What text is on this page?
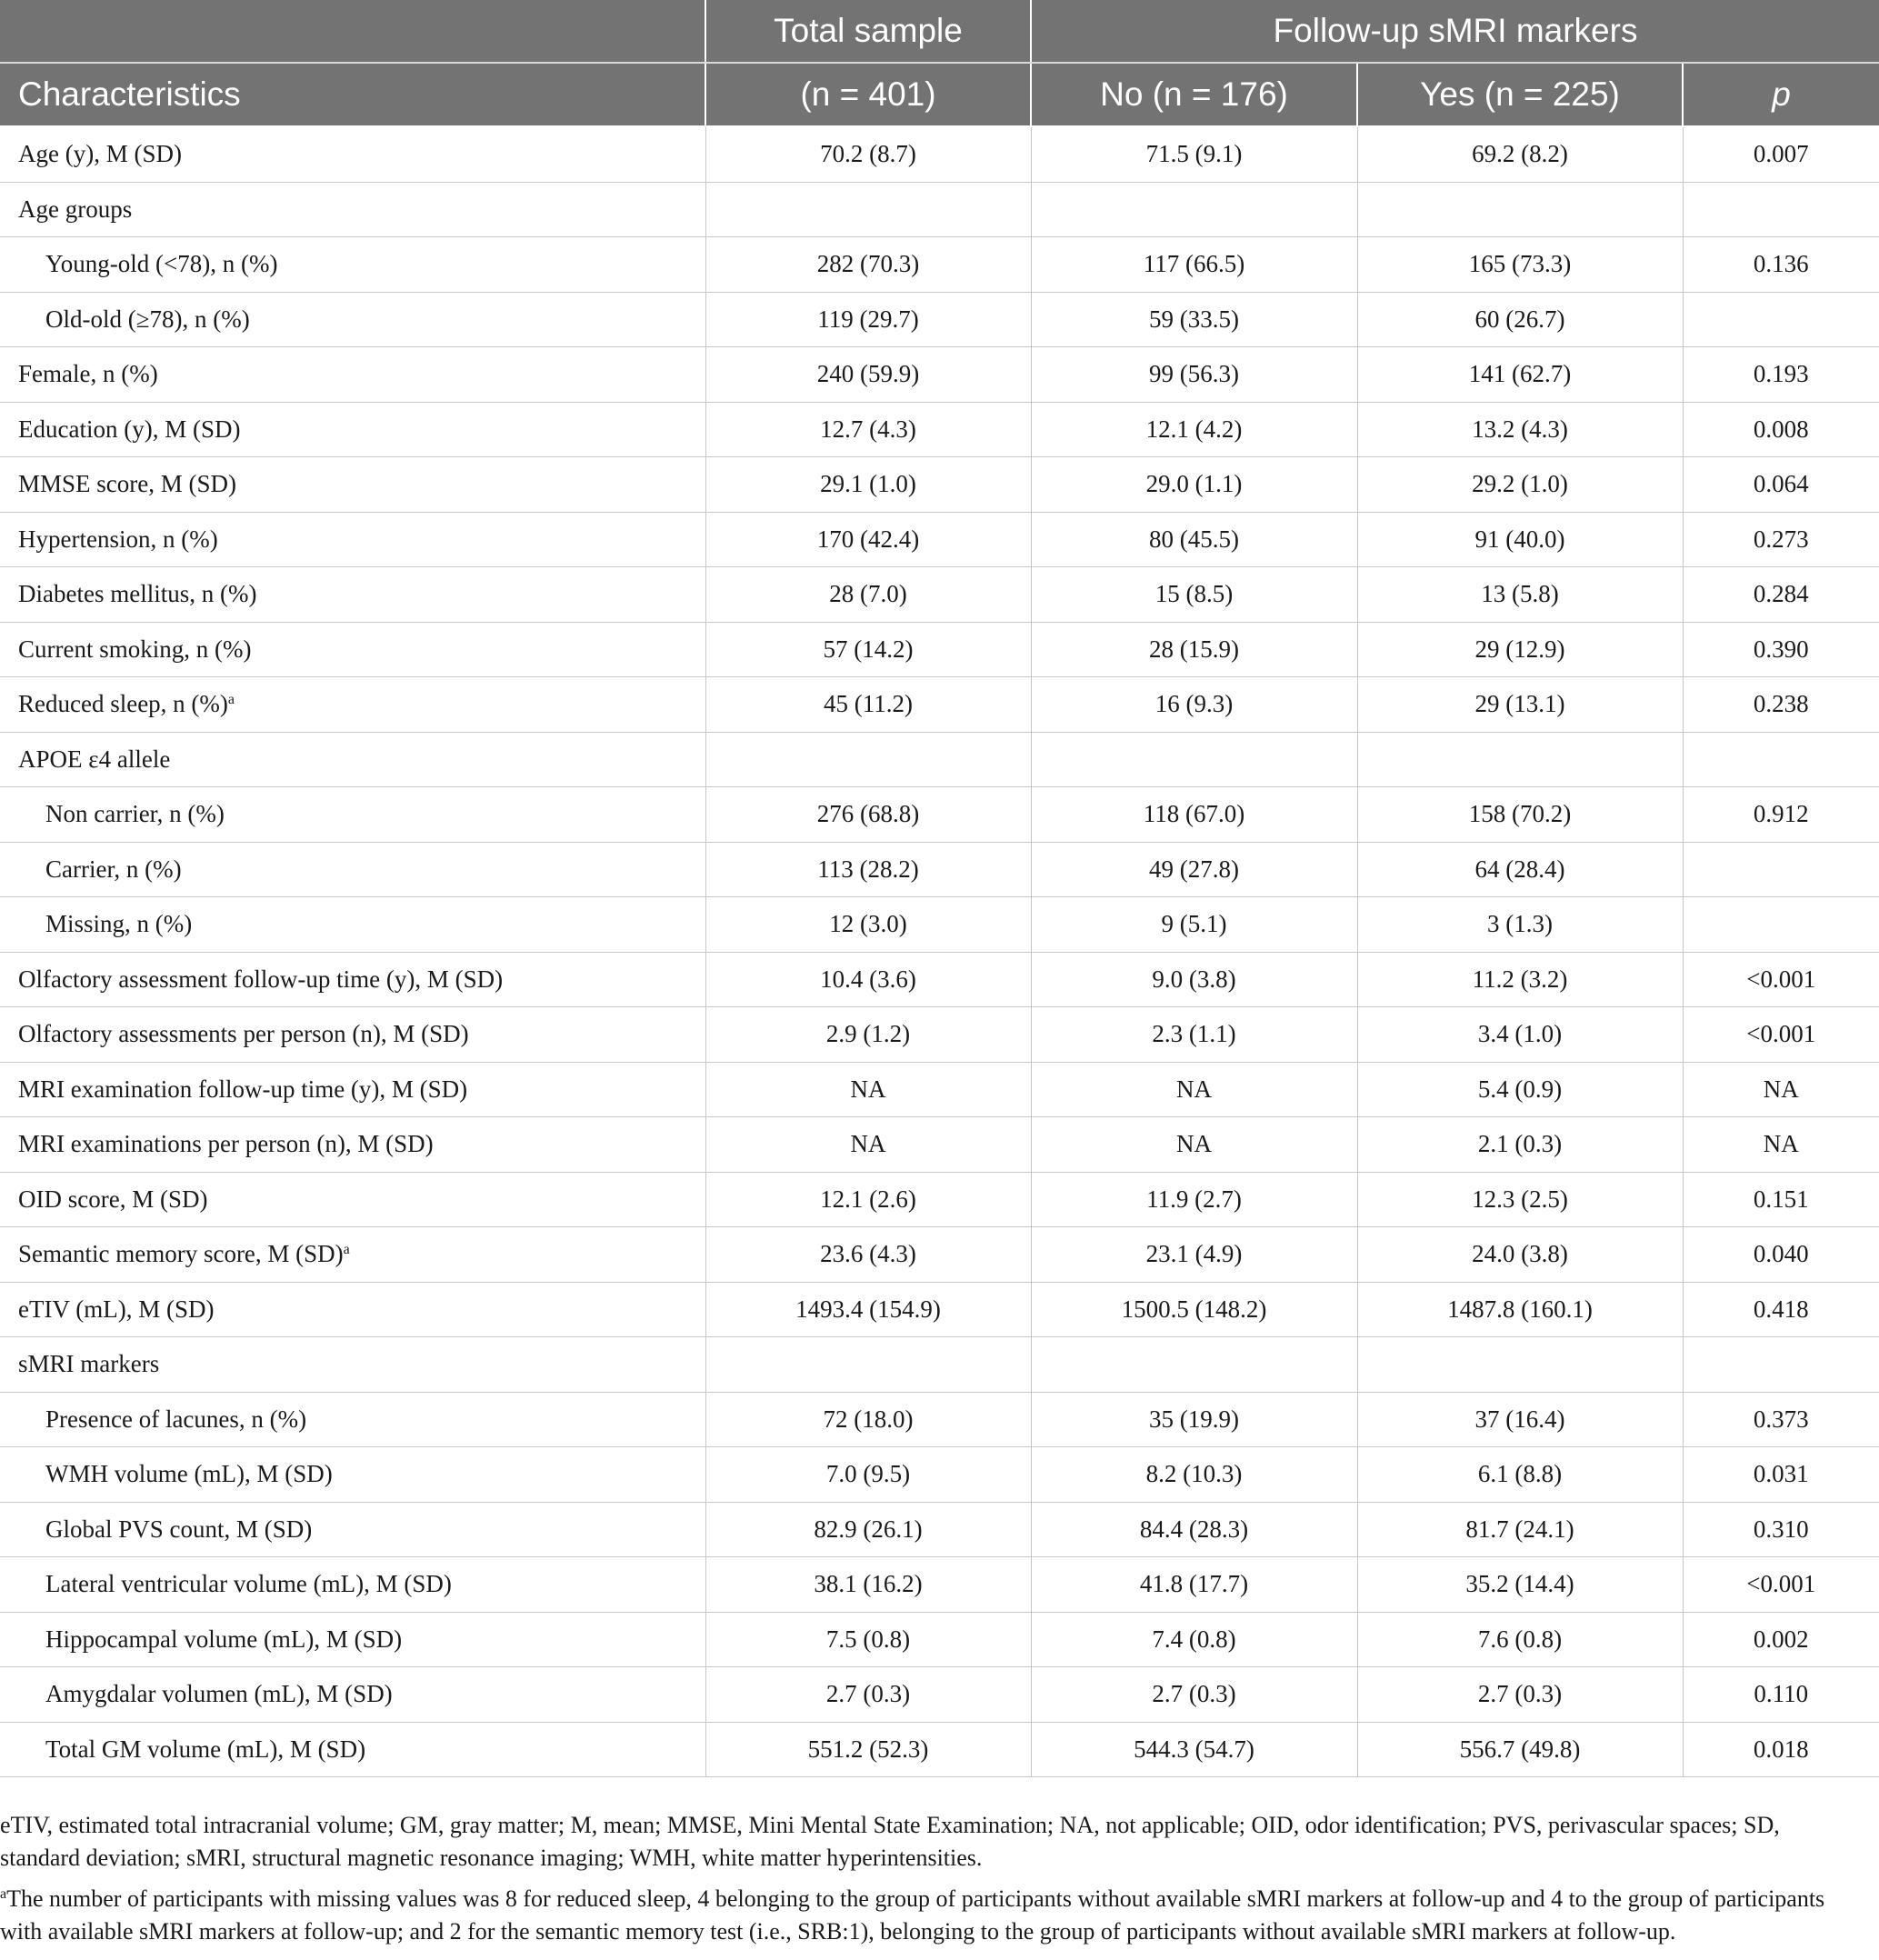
	Total sample	Follow-up sMRI markers		
Characteristics	(n = 401)	No (n = 176)	Yes (n = 225)	p
Age (y), M (SD)	70.2 (8.7)	71.5 (9.1)	69.2 (8.2)	0.007
Age groups				
Young-old (<78), n (%)	282 (70.3)	117 (66.5)	165 (73.3)	0.136
Old-old (≥78), n (%)	119 (29.7)	59 (33.5)	60 (26.7)	
Female, n (%)	240 (59.9)	99 (56.3)	141 (62.7)	0.193
Education (y), M (SD)	12.7 (4.3)	12.1 (4.2)	13.2 (4.3)	0.008
MMSE score, M (SD)	29.1 (1.0)	29.0 (1.1)	29.2 (1.0)	0.064
Hypertension, n (%)	170 (42.4)	80 (45.5)	91 (40.0)	0.273
Diabetes mellitus, n (%)	28 (7.0)	15 (8.5)	13 (5.8)	0.284
Current smoking, n (%)	57 (14.2)	28 (15.9)	29 (12.9)	0.390
Reduced sleep, n (%)$^a$	45 (11.2)	16 (9.3)	29 (13.1)	0.238
APOE ε4 allele				
Non carrier, n (%)	276 (68.8)	118 (67.0)	158 (70.2)	0.912
Carrier, n (%)	113 (28.2)	49 (27.8)	64 (28.4)	
Missing, n (%)	12 (3.0)	9 (5.1)	3 (1.3)	
Olfactory assessment follow-up time (y), M (SD)	10.4 (3.6)	9.0 (3.8)	11.2 (3.2)	<0.001
Olfactory assessments per person (n), M (SD)	2.9 (1.2)	2.3 (1.1)	3.4 (1.0)	<0.001
MRI examination follow-up time (y), M (SD)	NA	NA	5.4 (0.9)	NA
MRI examinations per person (n), M (SD)	NA	NA	2.1 (0.3)	NA
OID score, M (SD)	12.1 (2.6)	11.9 (2.7)	12.3 (2.5)	0.151
Semantic memory score, M (SD)$^a$	23.6 (4.3)	23.1 (4.9)	24.0 (3.8)	0.040
eTIV (mL), M (SD)	1493.4 (154.9)	1500.5 (148.2)	1487.8 (160.1)	0.418
sMRI markers				
Presence of lacunes, n (%)	72 (18.0)	35 (19.9)	37 (16.4)	0.373
WMH volume (mL), M (SD)	7.0 (9.5)	8.2 (10.3)	6.1 (8.8)	0.031
Global PVS count, M (SD)	82.9 (26.1)	84.4 (28.3)	81.7 (24.1)	0.310
Lateral ventricular volume (mL), M (SD)	38.1 (16.2)	41.8 (17.7)	35.2 (14.4)	<0.001
Hippocampal volume (mL), M (SD)	7.5 (0.8)	7.4 (0.8)	7.6 (0.8)	0.002
Amygdalar volumen (mL), M (SD)	2.7 (0.3)	2.7 (0.3)	2.7 (0.3)	0.110
Total GM volume (mL), M (SD)	551.2 (52.3)	544.3 (54.7)	556.7 (49.8)	0.018

eTIV, estimated total intracranial volume; GM, gray matter; M, mean; MMSE, Mini Mental State Examination; NA, not applicable; OID, odor identification; PVS, perivascular spaces; SD, standard deviation; sMRI, structural magnetic resonance imaging; WMH, white matter hyperintensities.

$^a$The number of participants with missing values was 8 for reduced sleep, 4 belonging to the group of participants without available sMRI markers at follow-up and 4 to the group of participants with available sMRI markers at follow-up; and 2 for the semantic memory test (i.e., SRB:1), belonging to the group of participants without available sMRI markers at follow-up.
